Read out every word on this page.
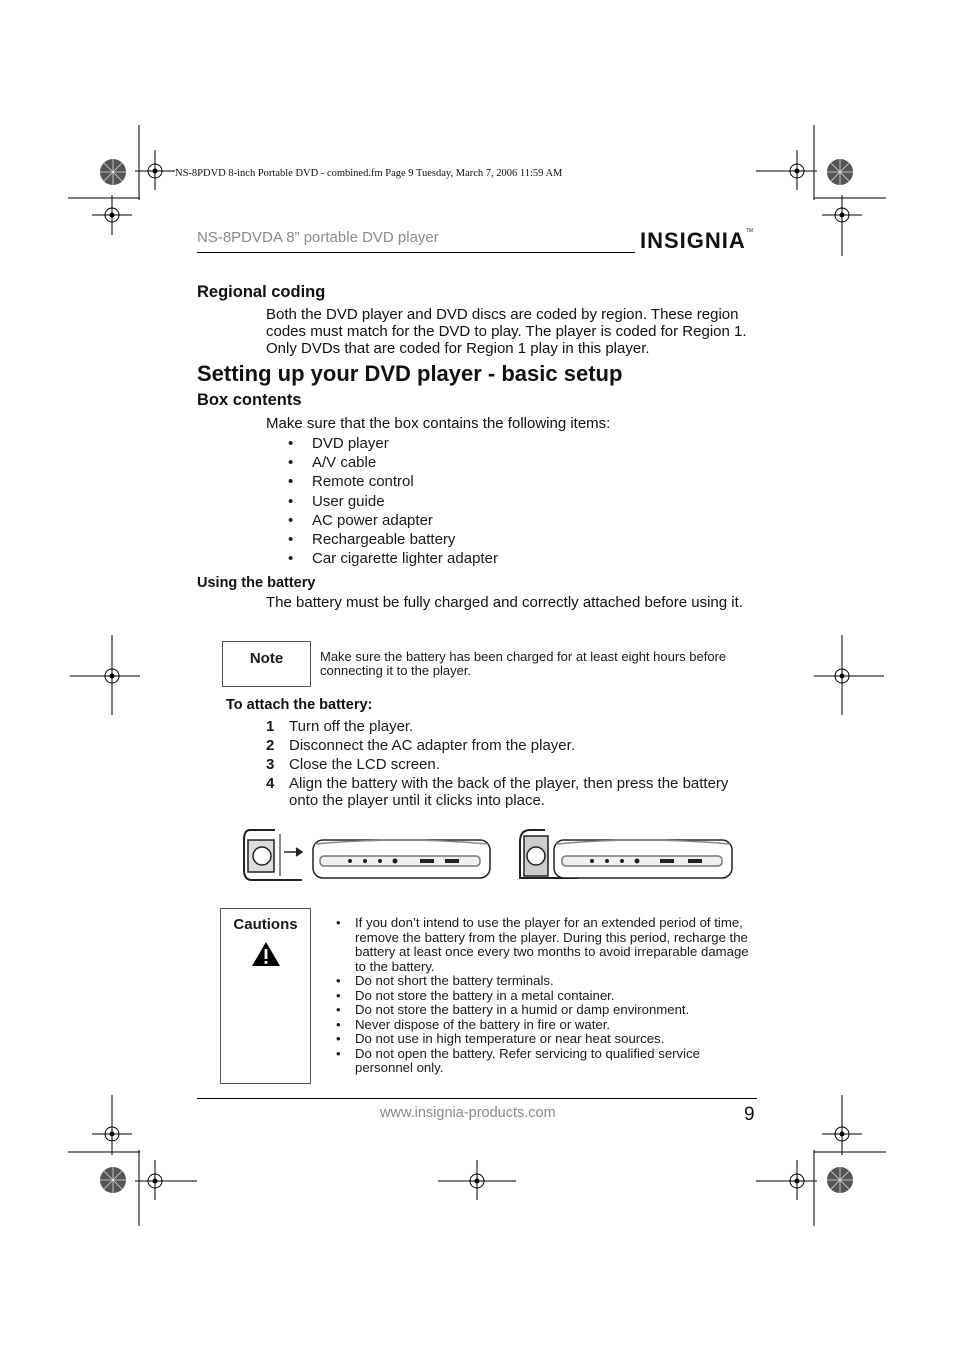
NS-8PDVD 8-inch Portable DVD - combined.fm Page 9 Tuesday, March 7, 2006 11:59 AM
NS-8PDVDA 8” portable DVD player	INSIGNIA™
Regional coding
Both the DVD player and DVD discs are coded by region. These region codes must match for the DVD to play. The player is coded for Region 1. Only DVDs that are coded for Region 1 play in this player.
Setting up your DVD player - basic setup
Box contents
Make sure that the box contains the following items:
• DVD player
• A/V cable
• Remote control
• User guide
• AC power adapter
• Rechargeable battery
• Car cigarette lighter adapter
Using the battery
The battery must be fully charged and correctly attached before using it.
Note	Make sure the battery has been charged for at least eight hours before connecting it to the player.
To attach the battery:
1 Turn off the player.
2 Disconnect the AC adapter from the player.
3 Close the LCD screen.
4 Align the battery with the back of the player, then press the battery onto the player until it clicks into place.
Cautions	• If you don’t intend to use the player for an extended period of time, remove the battery from the player. During this period, recharge the battery at least once every two months to avoid irreparable damage to the battery.
• Do not short the battery terminals.
• Do not store the battery in a metal container.
• Do not store the battery in a humid or damp environment.
• Never dispose of the battery in fire or water.
• Do not use in high temperature or near heat sources.
• Do not open the battery. Refer servicing to qualified service personnel only.
www.insignia-products.com	9
